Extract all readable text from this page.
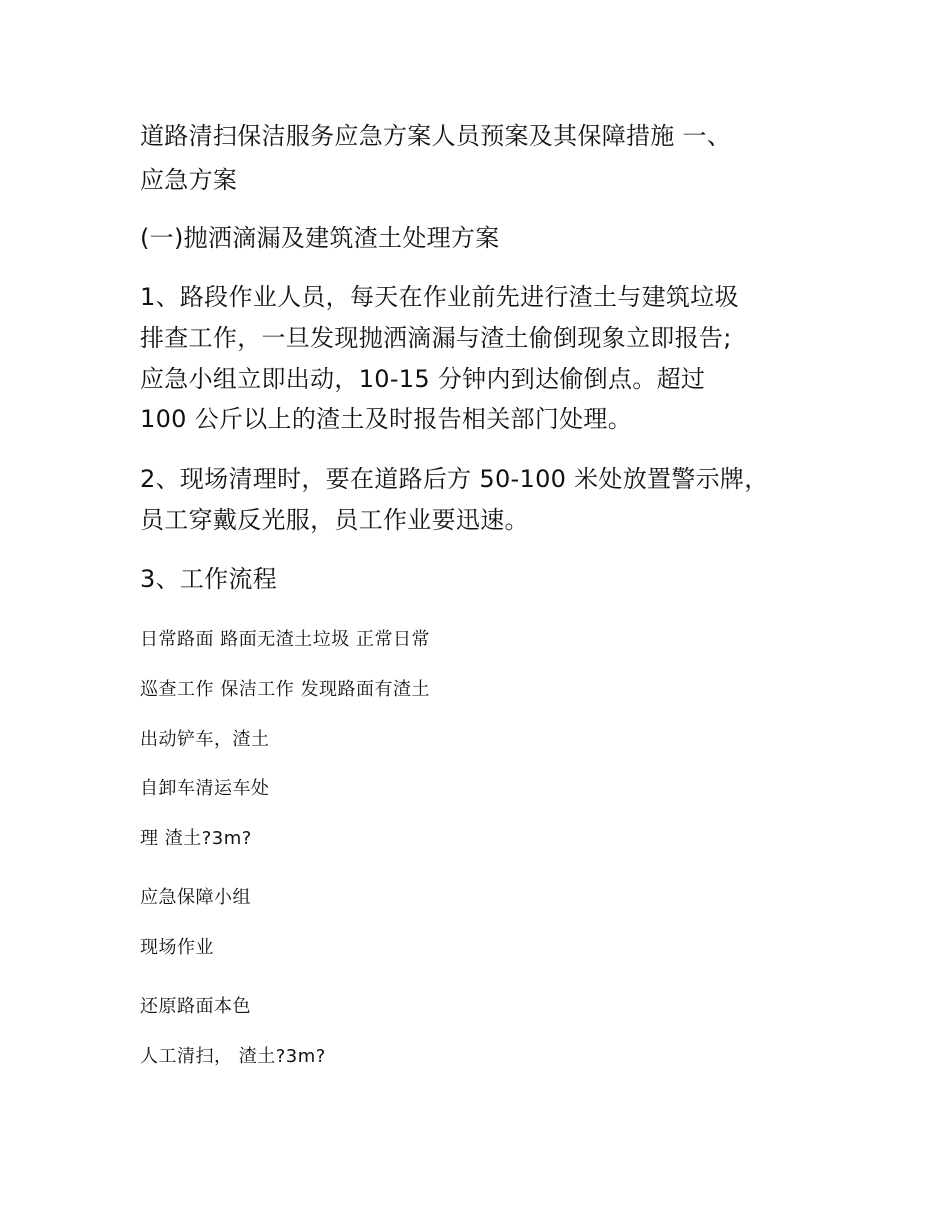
道路清扫保洁服务应急方案人员预案及其保障措施 一、
应急方案
(一)抛洒滴漏及建筑渣土处理方案
1、路段作业人员，每天在作业前先进行渣土与建筑垃圾
排查工作，一旦发现抛洒滴漏与渣土偷倒现象立即报告;
应急小组立即出动，10-15 分钟内到达偷倒点。超过
100 公斤以上的渣土及时报告相关部门处理。
2、现场清理时，要在道路后方 50-100 米处放置警示牌，
员工穿戴反光服，员工作业要迅速。
3、工作流程
日常路面 路面无渣土垃圾 正常日常
巡查工作 保洁工作 发现路面有渣土
出动铲车，渣土
自卸车清运车处
理 渣土?3m?
应急保障小组
现场作业
还原路面本色
人工清扫， 渣土?3m?
